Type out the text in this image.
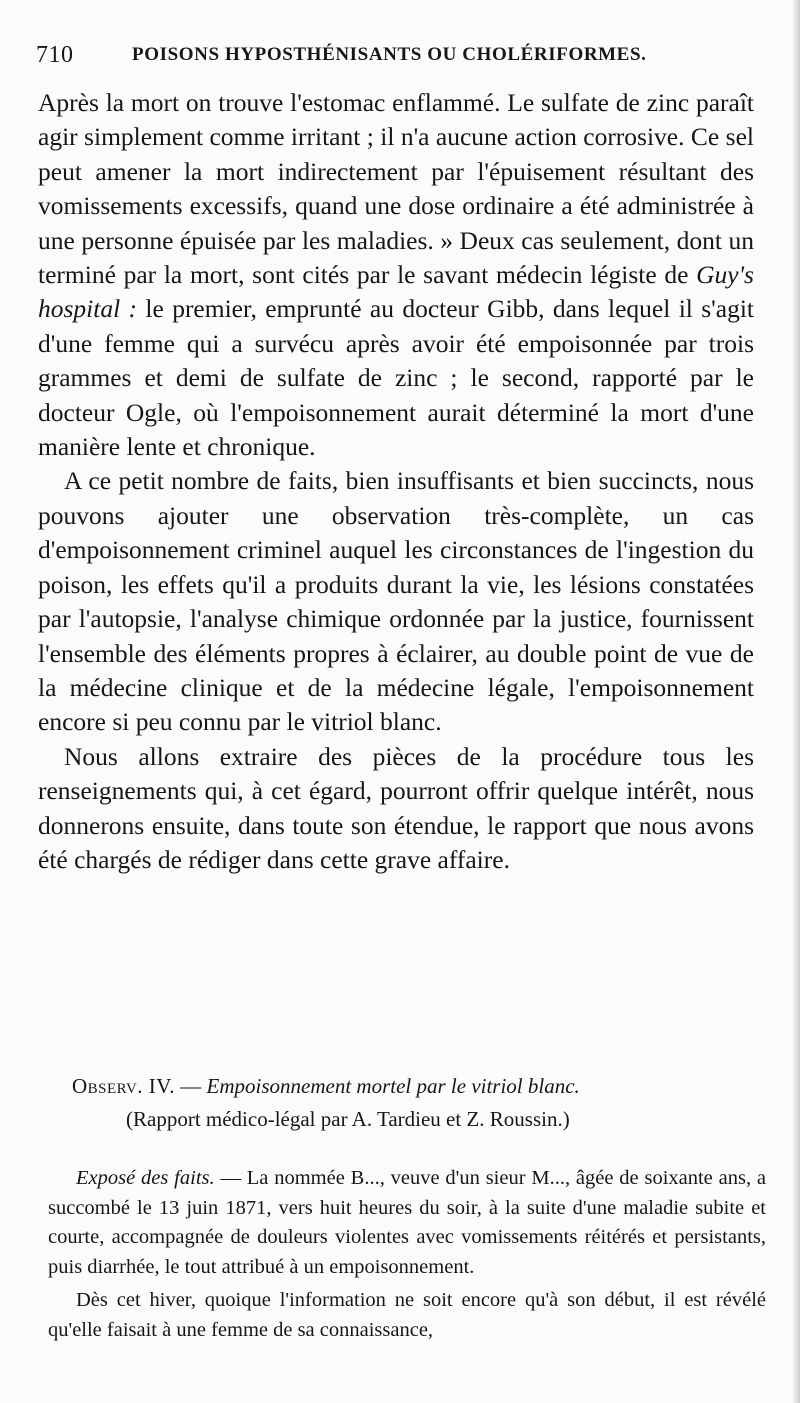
710	POISONS HYPOSTHÉNISANTS OU CHOLÉRIFORMES.

Après la mort on trouve l'estomac enflammé. Le sulfate de zinc paraît agir simplement comme irritant ; il n'a aucune action corrosive. Ce sel peut amener la mort indirectement par l'épuisement résultant des vomissements excessifs, quand une dose ordinaire a été administrée à une personne épuisée par les maladies. » Deux cas seulement, dont un terminé par la mort, sont cités par le savant médecin légiste de Guy's hospital : le premier, emprunté au docteur Gibb, dans lequel il s'agit d'une femme qui a survécu après avoir été empoisonnée par trois grammes et demi de sulfate de zinc ; le second, rapporté par le docteur Ogle, où l'empoisonnement aurait déterminé la mort d'une manière lente et chronique.

A ce petit nombre de faits, bien insuffisants et bien succincts, nous pouvons ajouter une observation très-complète, un cas d'empoisonnement criminel auquel les circonstances de l'ingestion du poison, les effets qu'il a produits durant la vie, les lésions constatées par l'autopsie, l'analyse chimique ordonnée par la justice, fournissent l'ensemble des éléments propres à éclairer, au double point de vue de la médecine clinique et de la médecine légale, l'empoisonnement encore si peu connu par le vitriol blanc.

Nous allons extraire des pièces de la procédure tous les renseignements qui, à cet égard, pourront offrir quelque intérêt, nous donnerons ensuite, dans toute son étendue, le rapport que nous avons été chargés de rédiger dans cette grave affaire.

Observ. IV. — Empoisonnement mortel par le vitriol blanc.
(Rapport médico-légal par A. Tardieu et Z. Roussin.)

Exposé des faits. — La nommée B..., veuve d'un sieur M..., âgée de soixante ans, a succombé le 13 juin 1871, vers huit heures du soir, à la suite d'une maladie subite et courte, accompagnée de douleurs violentes avec vomissements réitérés et persistants, puis diarrhée, le tout attribué à un empoisonnement.

Dès cet hiver, quoique l'information ne soit encore qu'à son début, il est révélé qu'elle faisait à une femme de sa connaissance,
